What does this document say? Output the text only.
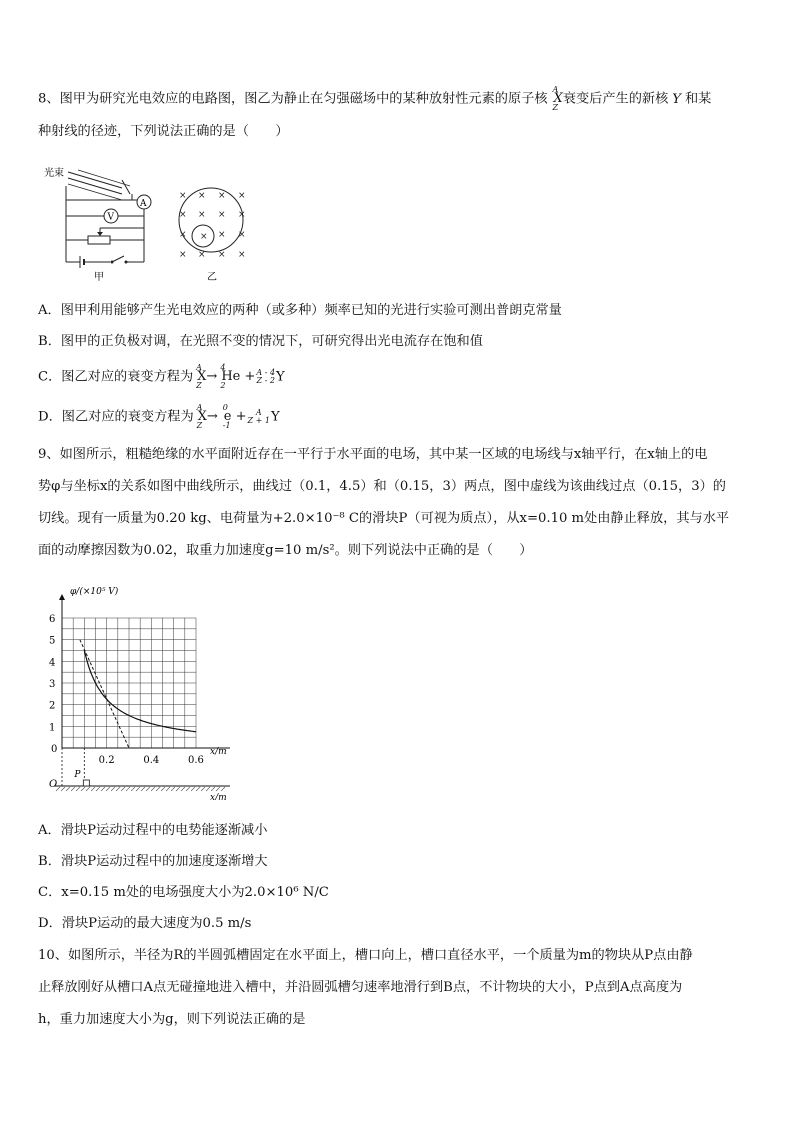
8、图甲为研究光电效应的电路图，图乙为静止在匀强磁场中的某种放射性元素的原子核
A
Z
X衰变后产生的新核 Y 和某
种射线的径迹，下列说法正确的是（　　）
光束
A
V
甲
× × × ×
× × × ×
× × × ×
× × × ×
乙
A．图甲利用能够产生光电效应的两种（或多种）频率已知的光进行实验可测出普朗克常量
B．图甲的正负极对调，在光照不变的情况下，可研究得出光电流存在饱和值
C．图乙对应的衰变方程为
A
Z
X→
4
2
He + A - 4
Z - 2 Y
D．图乙对应的衰变方程为
A
Z
X→
0
-1
e +	A
Z + 1 Y
9、如图所示，粗糙绝缘的水平面附近存在一平行于水平面的电场，其中某一区域的电场线与x轴平行，在x轴上的电
势φ与坐标x的关系如图中曲线所示，曲线过（0.1，4.5）和（0.15，3）两点，图中虚线为该曲线过点（0.15，3）的
切线。现有一质量为0.20 kg、电荷量为+2.0×10⁻⁸ C的滑块P（可视为质点），从x=0.10 m处由静止释放，其与水平
面的动摩擦因数为0.02，取重力加速度g=10 m/s²。则下列说法中正确的是（　　）
φ/(×10⁵ V)
x/m
0
1
2
3
4
5
6
0.2	0.4	0.6
O
P
x/m
A．滑块P运动过程中的电势能逐渐减小
B．滑块P运动过程中的加速度逐渐增大
C．x=0.15 m处的电场强度大小为2.0×10⁶ N/C
D．滑块P运动的最大速度为0.5 m/s
10、如图所示，半径为R的半圆弧槽固定在水平面上，槽口向上，槽口直径水平，一个质量为m的物块从P点由静
止释放刚好从槽口A点无碰撞地进入槽中，并沿圆弧槽匀速率地滑行到B点，不计物块的大小，P点到A点高度为
h，重力加速度大小为g，则下列说法正确的是
